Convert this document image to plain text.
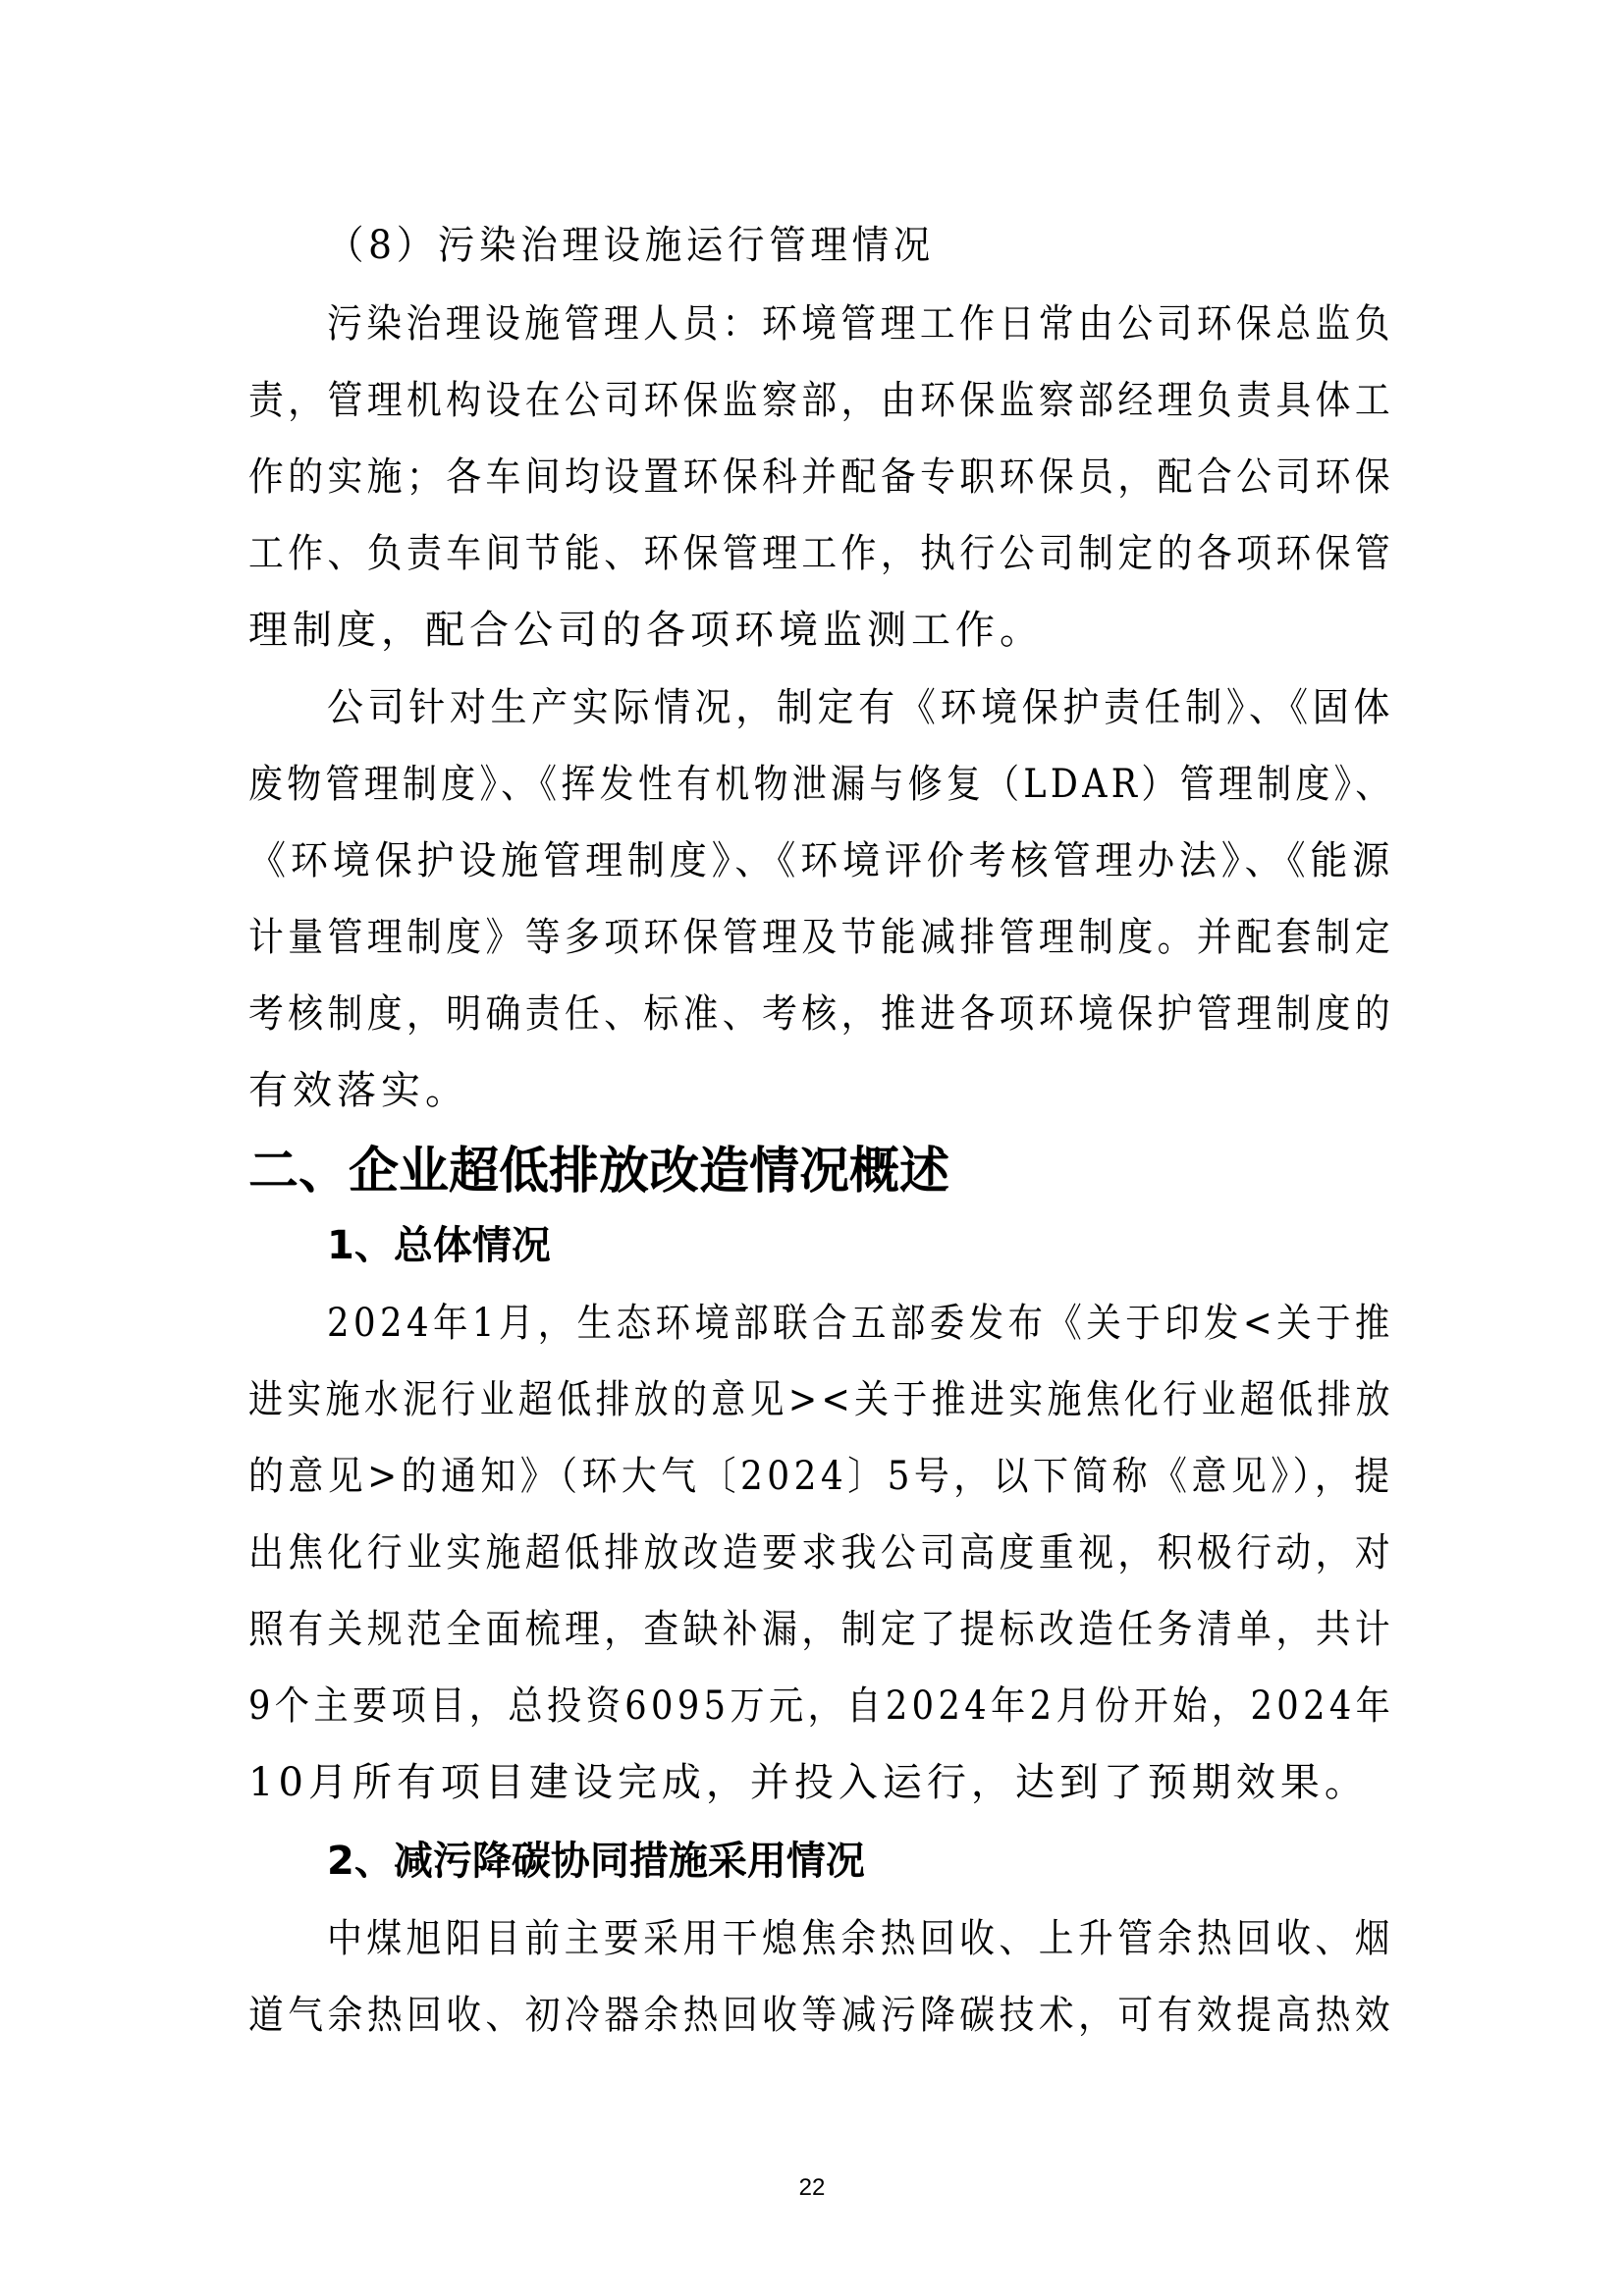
（8）污染治理设施运行管理情况
污染治理设施管理人员：环境管理工作日常由公司环保总监负
责，管理机构设在公司环保监察部，由环保监察部经理负责具体工
作的实施；各车间均设置环保科并配备专职环保员，配合公司环保
工作、负责车间节能、环保管理工作，执行公司制定的各项环保管
理制度，配合公司的各项环境监测工作。
公司针对生产实际情况，制定有《环境保护责任制》、《固体
废物管理制度》、《挥发性有机物泄漏与修复（LDAR）管理制度》、
《环境保护设施管理制度》、《环境评价考核管理办法》、《能源
计量管理制度》等多项环保管理及节能减排管理制度。并配套制定
考核制度，明确责任、标准、考核，推进各项环境保护管理制度的
有效落实。
二、企业超低排放改造情况概述
1、总体情况
2024年1月，生态环境部联合五部委发布《关于印发<关于推
进实施水泥行业超低排放的意见><关于推进实施焦化行业超低排放
的意见>的通知》（环大气〔2024〕5号，以下简称《意见》），提
出焦化行业实施超低排放改造要求我公司高度重视，积极行动，对
照有关规范全面梳理，查缺补漏，制定了提标改造任务清单，共计
9个主要项目，总投资6095万元，自2024年2月份开始，2024年
10月所有项目建设完成，并投入运行，达到了预期效果。
2、减污降碳协同措施采用情况
中煤旭阳目前主要采用干熄焦余热回收、上升管余热回收、烟
道气余热回收、初冷器余热回收等减污降碳技术，可有效提高热效
22
